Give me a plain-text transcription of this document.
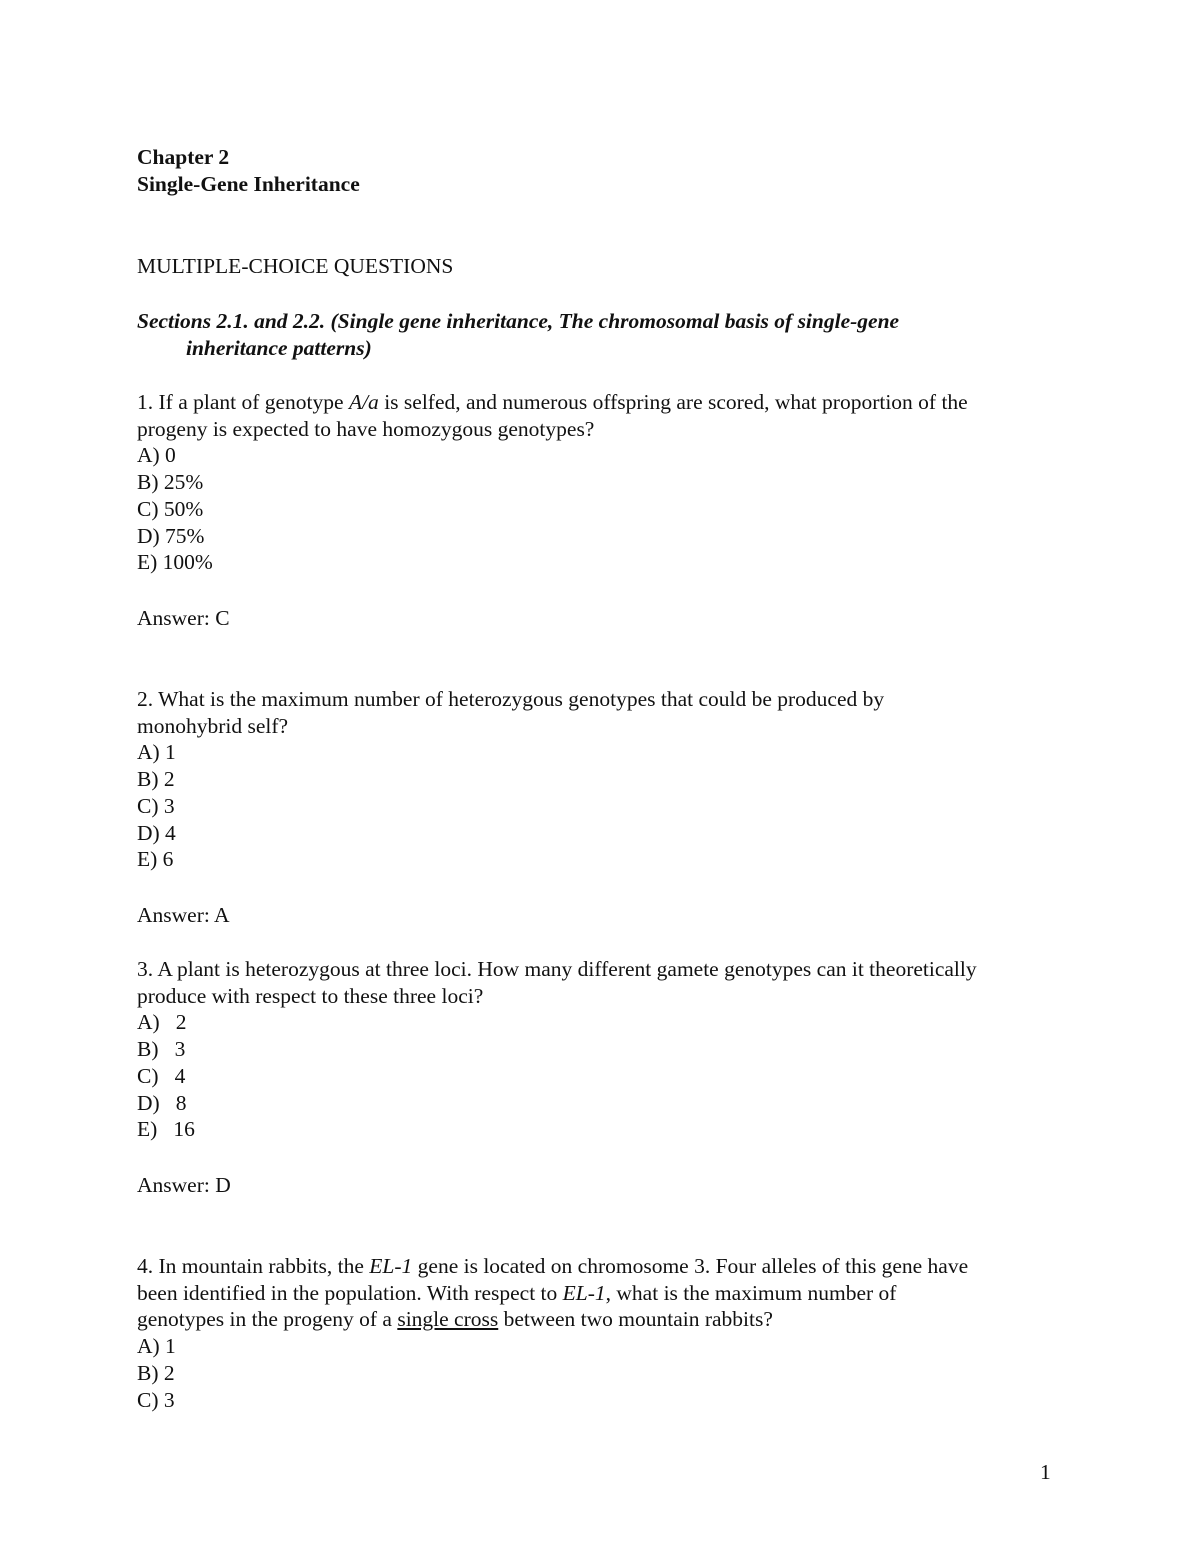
Chapter 2
Single-Gene Inheritance
MULTIPLE-CHOICE QUESTIONS
Sections 2.1. and 2.2. (Single gene inheritance, The chromosomal basis of single-gene
inheritance patterns)
1. If a plant of genotype A/a is selfed, and numerous offspring are scored, what proportion of the
progeny is expected to have homozygous genotypes?
A) 0
B) 25%
C) 50%
D) 75%
E) 100%
Answer: C
2. What is the maximum number of heterozygous genotypes that could be produced by
monohybrid self?
A) 1
B) 2
C) 3
D) 4
E) 6
Answer: A
3. A plant is heterozygous at three loci. How many different gamete genotypes can it theoretically
produce with respect to these three loci?
A)   2
B)   3
C)   4
D)   8
E)   16
Answer: D
4. In mountain rabbits, the EL-1 gene is located on chromosome 3. Four alleles of this gene have
been identified in the population. With respect to EL-1, what is the maximum number of
genotypes in the progeny of a single cross between two mountain rabbits?
A) 1
B) 2
C) 3
1
